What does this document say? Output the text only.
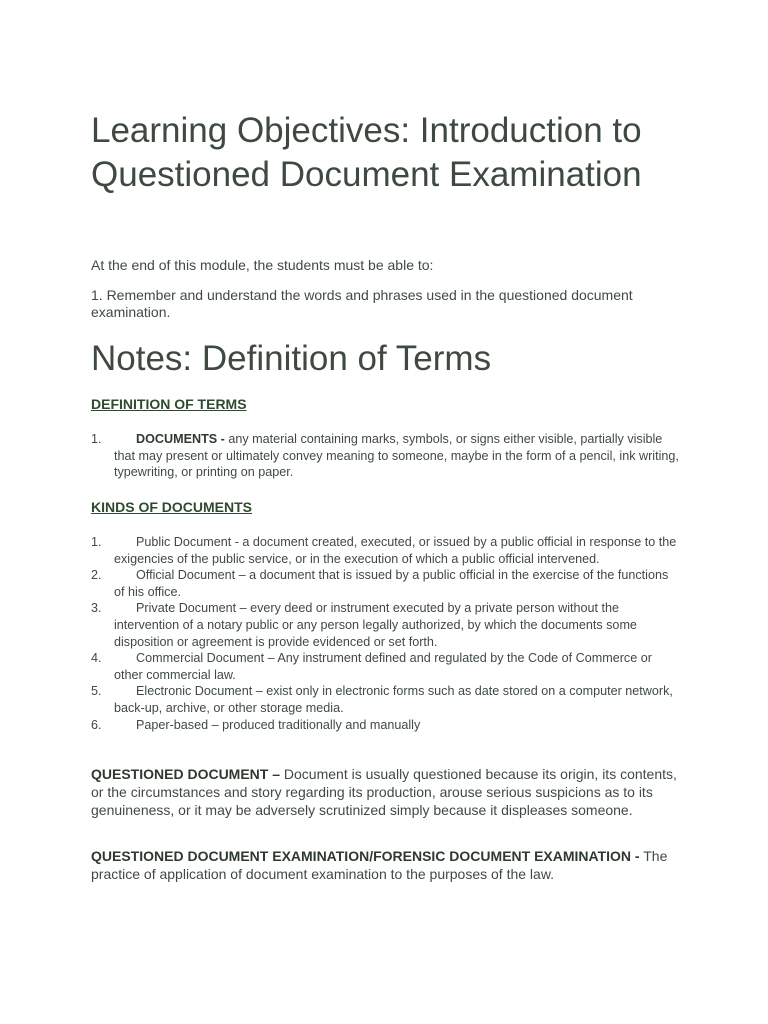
Learning Objectives: Introduction to Questioned Document Examination

At the end of this module, the students must be able to:

1. Remember and understand the words and phrases used in the questioned document examination.

Notes: Definition of Terms

DEFINITION OF TERMS

1.	DOCUMENTS - any material containing marks, symbols, or signs either visible, partially visible that may present or ultimately convey meaning to someone, maybe in the form of a pencil, ink writing, typewriting, or printing on paper.

KINDS OF DOCUMENTS

1.	Public Document - a document created, executed, or issued by a public official in response to the exigencies of the public service, or in the execution of which a public official intervened.
2.	Official Document – a document that is issued by a public official in the exercise of the functions of his office.
3.	Private Document – every deed or instrument executed by a private person without the intervention of a notary public or any person legally authorized, by which the documents some disposition or agreement is provide evidenced or set forth.
4.	Commercial Document – Any instrument defined and regulated by the Code of Commerce or other commercial law.
5.	Electronic Document – exist only in electronic forms such as date stored on a computer network, back-up, archive, or other storage media.
6.	Paper-based – produced traditionally and manually

QUESTIONED DOCUMENT – Document is usually questioned because its origin, its contents, or the circumstances and story regarding its production, arouse serious suspicions as to its genuineness, or it may be adversely scrutinized simply because it displeases someone.

QUESTIONED DOCUMENT EXAMINATION/FORENSIC DOCUMENT EXAMINATION - The practice of application of document examination to the purposes of the law.
